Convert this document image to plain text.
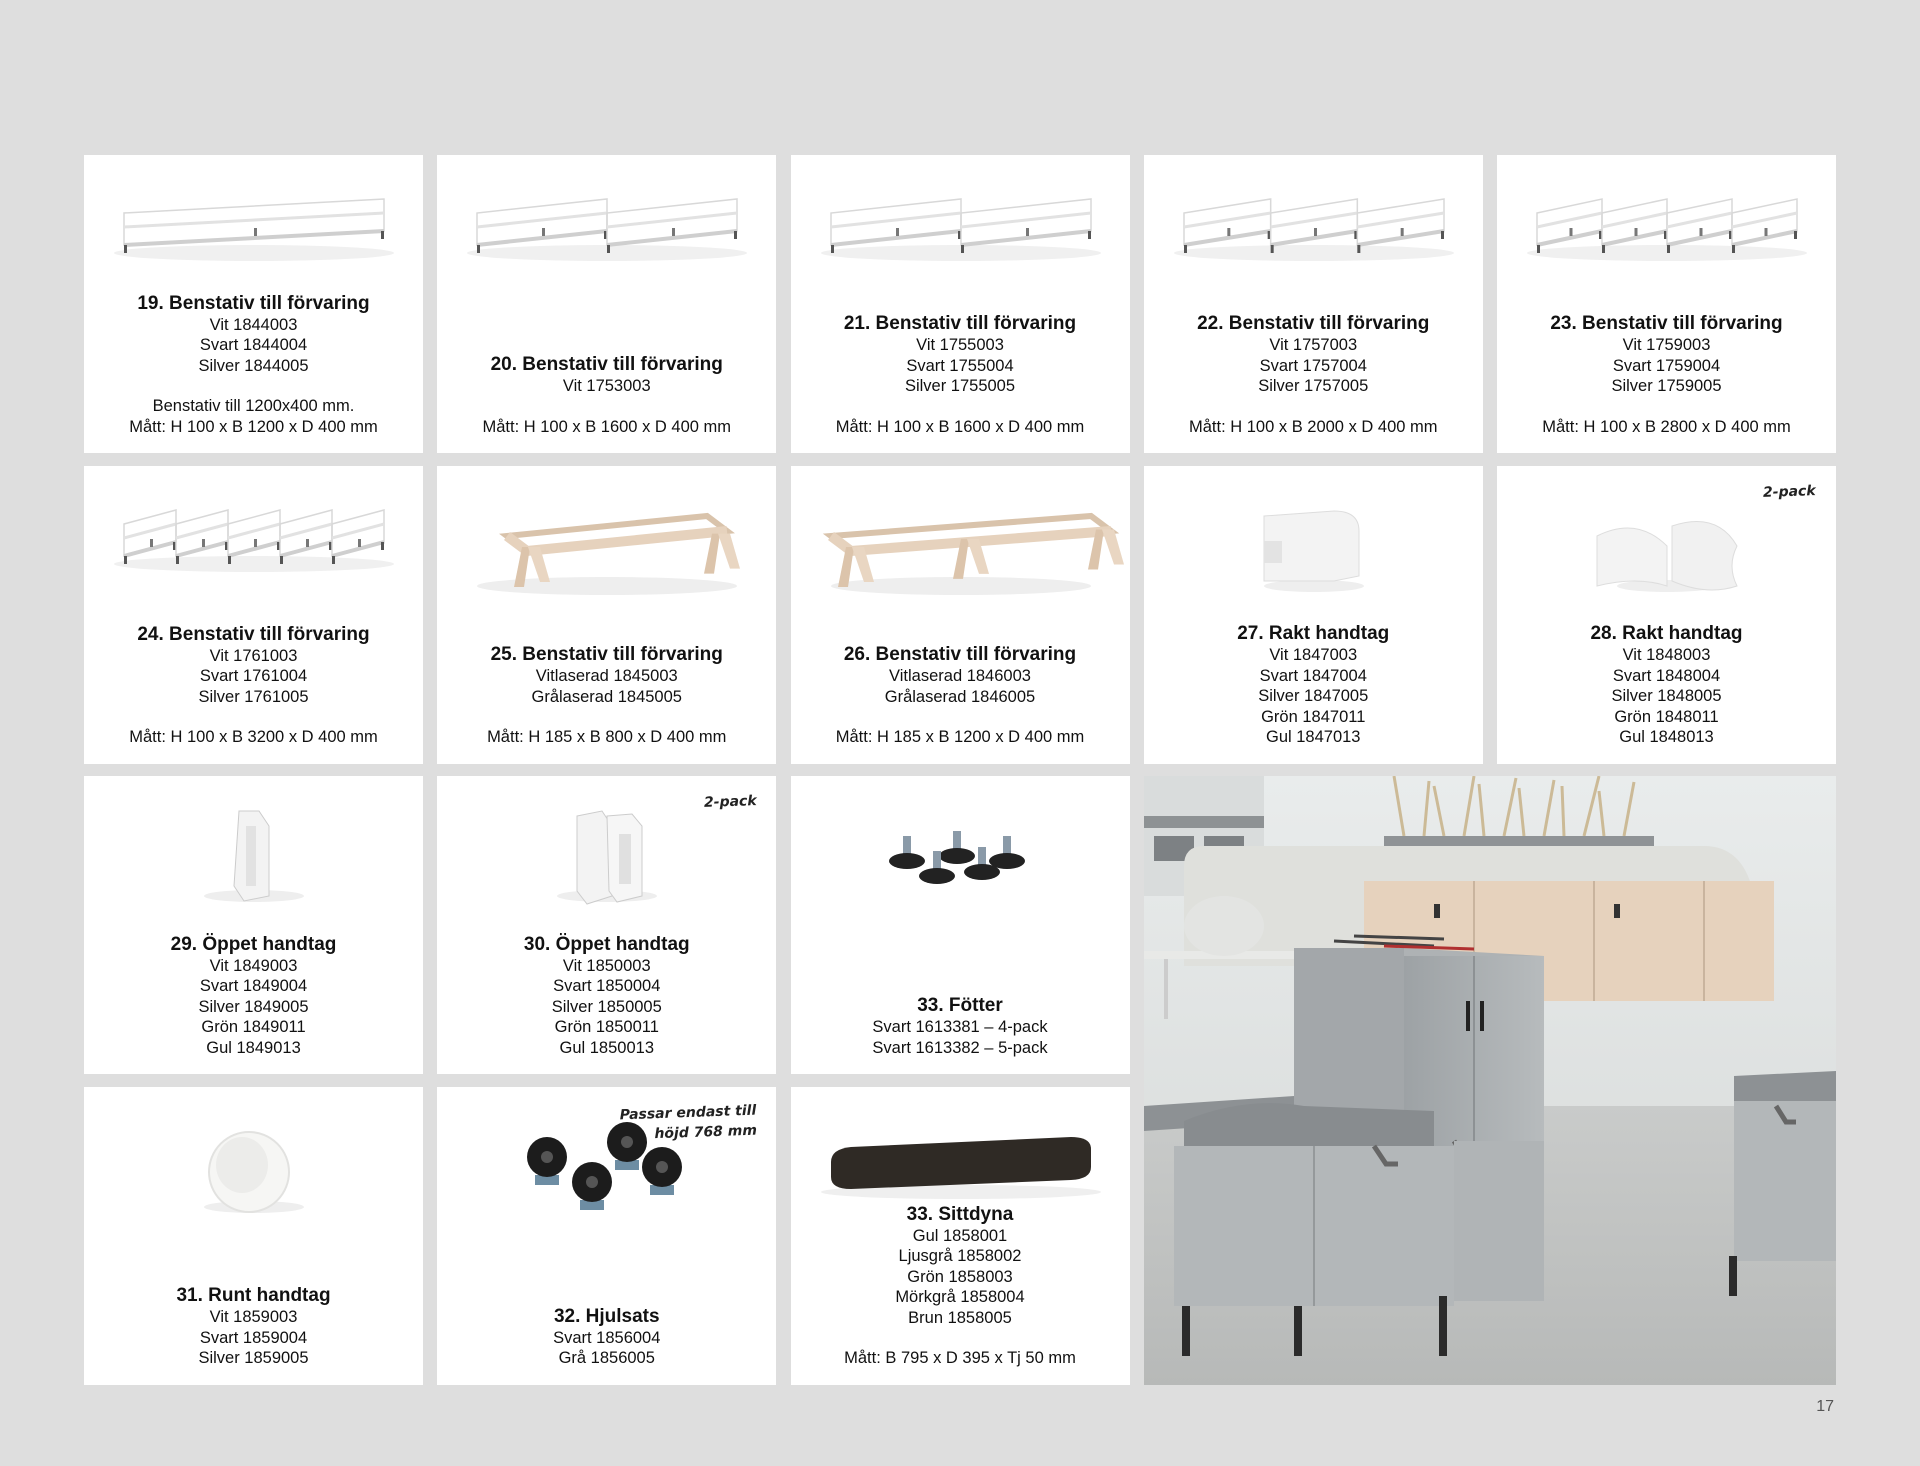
19. Benstativ till förvaring
Vit 1844003
Svart 1844004
Silver 1844005
Benstativ till 1200x400 mm.
Mått: H 100 x B 1200 x D 400 mm
20. Benstativ till förvaring
Vit 1753003
Mått: H 100 x B 1600 x D 400 mm
21. Benstativ till förvaring
Vit 1755003
Svart 1755004
Silver 1755005
Mått: H 100 x B 1600 x D 400 mm
22. Benstativ till förvaring
Vit 1757003
Svart 1757004
Silver 1757005
Mått: H 100 x B 2000 x D 400 mm
23. Benstativ till förvaring
Vit 1759003
Svart 1759004
Silver 1759005
Mått: H 100 x B 2800 x D 400 mm
24. Benstativ till förvaring
Vit 1761003
Svart 1761004
Silver 1761005
Mått: H 100 x B 3200 x D 400 mm
25. Benstativ till förvaring
Vitlaserad 1845003
Grålaserad 1845005
Mått: H 185 x B 800 x D 400 mm
26. Benstativ till förvaring
Vitlaserad 1846003
Grålaserad 1846005
Mått: H 185 x B 1200 x D 400 mm
27. Rakt handtag
Vit 1847003
Svart 1847004
Silver 1847005
Grön 1847011
Gul 1847013
2-pack
28. Rakt handtag
Vit 1848003
Svart 1848004
Silver 1848005
Grön 1848011
Gul 1848013
29. Öppet handtag
Vit 1849003
Svart 1849004
Silver 1849005
Grön 1849011
Gul 1849013
2-pack
30. Öppet handtag
Vit 1850003
Svart 1850004
Silver 1850005
Grön 1850011
Gul 1850013
33. Fötter
Svart 1613381 – 4-pack
Svart 1613382 – 5-pack
31. Runt handtag
Vit 1859003
Svart 1859004
Silver 1859005
Passar endast till
höjd 768 mm
32. Hjulsats
Svart 1856004
Grå 1856005
33. Sittdyna
Gul 1858001
Ljusgrå 1858002
Grön 1858003
Mörkgrå 1858004
Brun 1858005
Mått: B 795 x D 395 x Tj 50 mm
17
